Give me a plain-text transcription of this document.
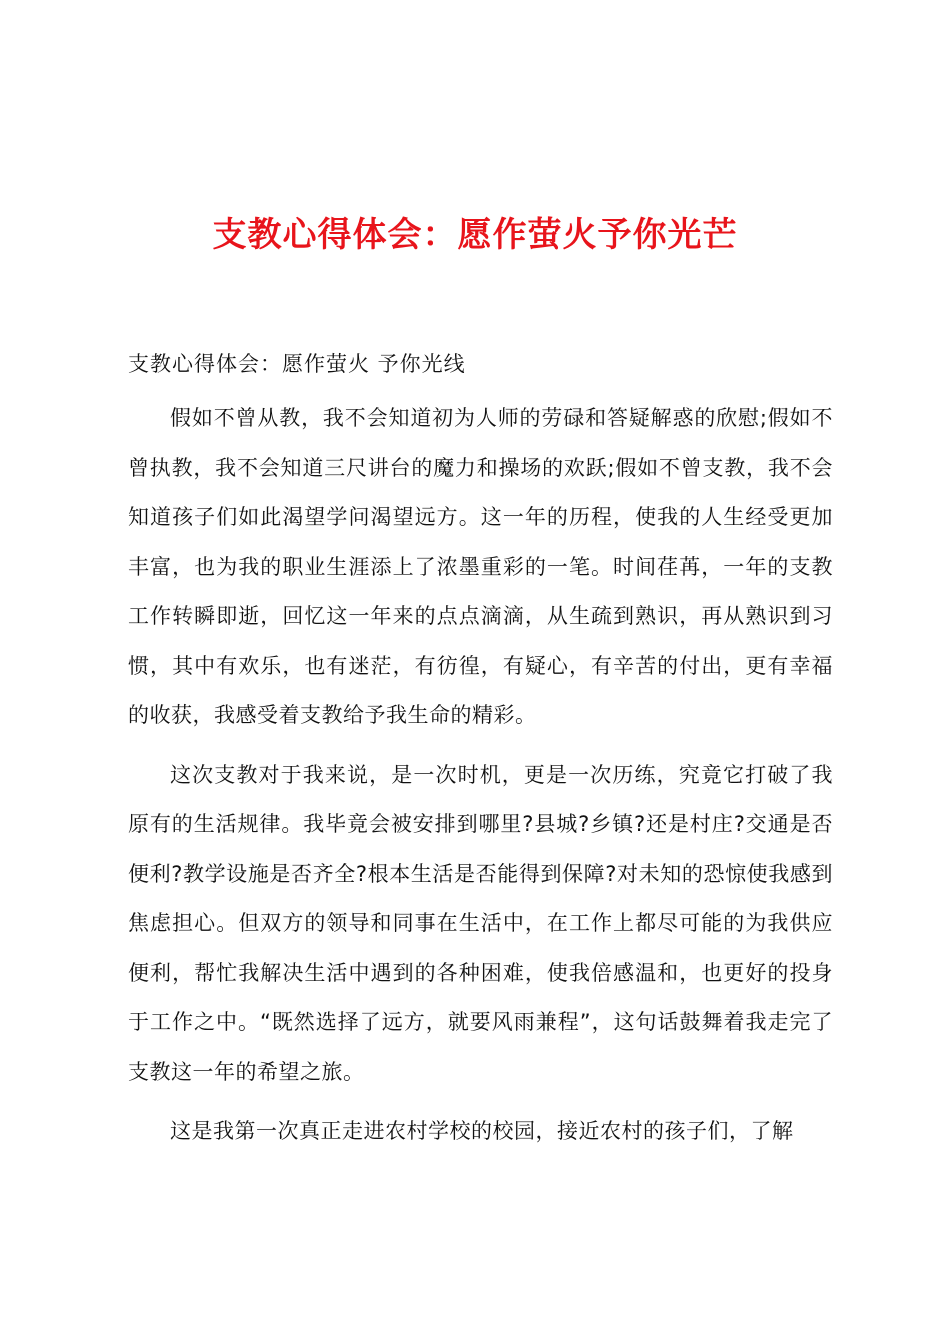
支教心得体会：愿作萤火予你光芒

支教心得体会：愿作萤火 予你光线

假如不曾从教，我不会知道初为人师的劳碌和答疑解惑的欣慰;假如不曾执教，我不会知道三尺讲台的魔力和操场的欢跃;假如不曾支教，我不会知道孩子们如此渴望学问渴望远方。这一年的历程，使我的人生经受更加丰富，也为我的职业生涯添上了浓墨重彩的一笔。时间荏苒，一年的支教工作转瞬即逝，回忆这一年来的点点滴滴，从生疏到熟识，再从熟识到习惯，其中有欢乐，也有迷茫，有彷徨，有疑心，有辛苦的付出，更有幸福的收获，我感受着支教给予我生命的精彩。

这次支教对于我来说，是一次时机，更是一次历练，究竟它打破了我原有的生活规律。我毕竟会被安排到哪里?县城?乡镇?还是村庄?交通是否便利?教学设施是否齐全?根本生活是否能得到保障?对未知的恐惊使我感到焦虑担心。但双方的领导和同事在生活中，在工作上都尽可能的为我供应便利，帮忙我解决生活中遇到的各种困难，使我倍感温和，也更好的投身于工作之中。“既然选择了远方，就要风雨兼程”，这句话鼓舞着我走完了支教这一年的希望之旅。

这是我第一次真正走进农村学校的校园，接近农村的孩子们，了解
